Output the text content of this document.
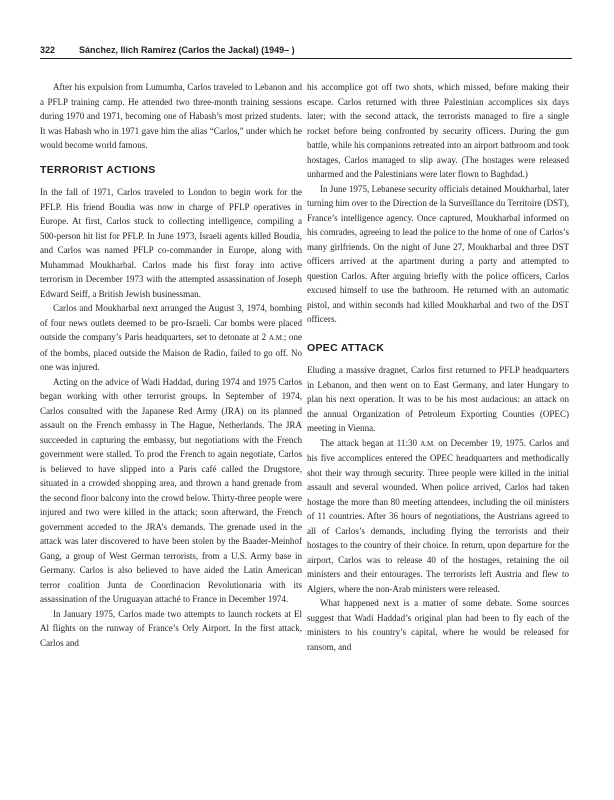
322	Sánchez, Ilich Ramírez (Carlos the Jackal) (1949– )

After his expulsion from Lumumba, Carlos traveled to Lebanon and a PFLP training camp. He attended two three-month training sessions during 1970 and 1971, becoming one of Habash’s most prized students. It was Habash who in 1971 gave him the alias “Carlos,” under which he would become world famous.

TERRORIST ACTIONS

In the fall of 1971, Carlos traveled to London to begin work for the PFLP. His friend Boudia was now in charge of PFLP operatives in Europe. At first, Carlos stuck to collecting intelligence, compiling a 500-person hit list for PFLP. In June 1973, Israeli agents killed Boudia, and Carlos was named PFLP co-commander in Europe, along with Muhammad Moukharbal. Carlos made his first foray into active terrorism in December 1973 with the attempted assassination of Joseph Edward Seiff, a British Jewish businessman.

Carlos and Moukharbal next arranged the August 3, 1974, bombing of four news outlets deemed to be pro-Israeli. Car bombs were placed outside the company’s Paris headquarters, set to detonate at 2 A.M.; one of the bombs, placed outside the Maison de Radio, failed to go off. No one was injured.

Acting on the advice of Wadi Haddad, during 1974 and 1975 Carlos began working with other terrorist groups. In September of 1974, Carlos consulted with the Japanese Red Army (JRA) on its planned assault on the French embassy in The Hague, Netherlands. The JRA succeeded in capturing the embassy, but negotiations with the French government were stalled. To prod the French to again negotiate, Carlos is believed to have slipped into a Paris café called the Drugstore, situated in a crowded shopping area, and thrown a hand grenade from the second floor balcony into the crowd below. Thirty-three people were injured and two were killed in the attack; soon afterward, the French government acceded to the JRA’s demands. The grenade used in the attack was later discovered to have been stolen by the Baader-Meinhof Gang, a group of West German terrorists, from a U.S. Army base in Germany. Carlos is also believed to have aided the Latin American terror coalition Junta de Coordinacion Revolutionaria with its assassination of the Uruguayan attaché to France in December 1974.

In January 1975, Carlos made two attempts to launch rockets at El Al flights on the runway of France’s Orly Airport. In the first attack, Carlos and

his accomplice got off two shots, which missed, before making their escape. Carlos returned with three Palestinian accomplices six days later; with the second attack, the terrorists managed to fire a single rocket before being confronted by security officers. During the gun battle, while his companions retreated into an airport bathroom and took hostages, Carlos managed to slip away. (The hostages were released unharmed and the Palestinians were later flown to Baghdad.)

In June 1975, Lebanese security officials detained Moukharbal, later turning him over to the Direction de la Surveillance du Territoire (DST), France’s intelligence agency. Once captured, Moukharbal informed on his comrades, agreeing to lead the police to the home of one of Carlos’s many girlfriends. On the night of June 27, Moukharbal and three DST officers arrived at the apartment during a party and attempted to question Carlos. After arguing briefly with the police officers, Carlos excused himself to use the bathroom. He returned with an automatic pistol, and within seconds had killed Moukharbal and two of the DST officers.

OPEC ATTACK

Eluding a massive dragnet, Carlos first returned to PFLP headquarters in Lebanon, and then went on to East Germany, and later Hungary to plan his next operation. It was to be his most audacious: an attack on the annual Organization of Petroleum Exporting Counties (OPEC) meeting in Vienna.

The attack began at 11:30 A.M. on December 19, 1975. Carlos and his five accomplices entered the OPEC headquarters and methodically shot their way through security. Three people were killed in the initial assault and several wounded. When police arrived, Carlos had taken hostage the more than 80 meeting attendees, including the oil ministers of 11 countries. After 36 hours of negotiations, the Austrians agreed to all of Carlos’s demands, including flying the terrorists and their hostages to the country of their choice. In return, upon departure for the airport, Carlos was to release 40 of the hostages, retaining the oil ministers and their entourages. The terrorists left Austria and flew to Algiers, where the non-Arab ministers were released.

What happened next is a matter of some debate. Some sources suggest that Wadi Haddad’s original plan had been to fly each of the ministers to his country’s capital, where he would be released for ransom, and
